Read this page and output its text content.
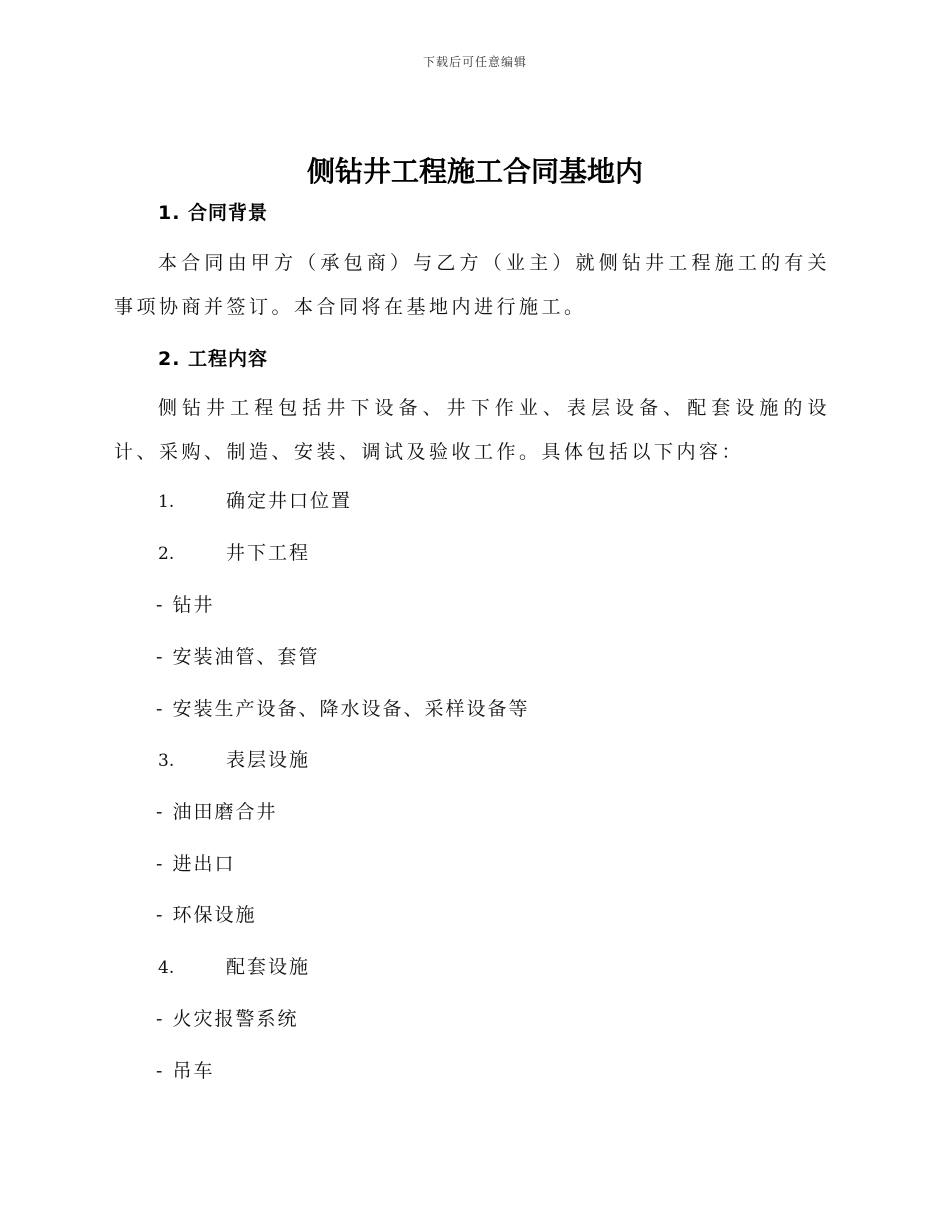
下载后可任意编辑
侧钻井工程施工合同基地内
1. 合同背景
本合同由甲方（承包商）与乙方（业主）就侧钻井工程施工的有关事项协商并签订。本合同将在基地内进行施工。
2. 工程内容
侧钻井工程包括井下设备、井下作业、表层设备、配套设施的设计、采购、制造、安装、调试及验收工作。具体包括以下内容：
1.	确定井口位置
2.	井下工程
- 钻井
- 安装油管、套管
- 安装生产设备、降水设备、采样设备等
3.	表层设施
- 油田磨合井
- 进出口
- 环保设施
4.	配套设施
- 火灾报警系统
- 吊车
